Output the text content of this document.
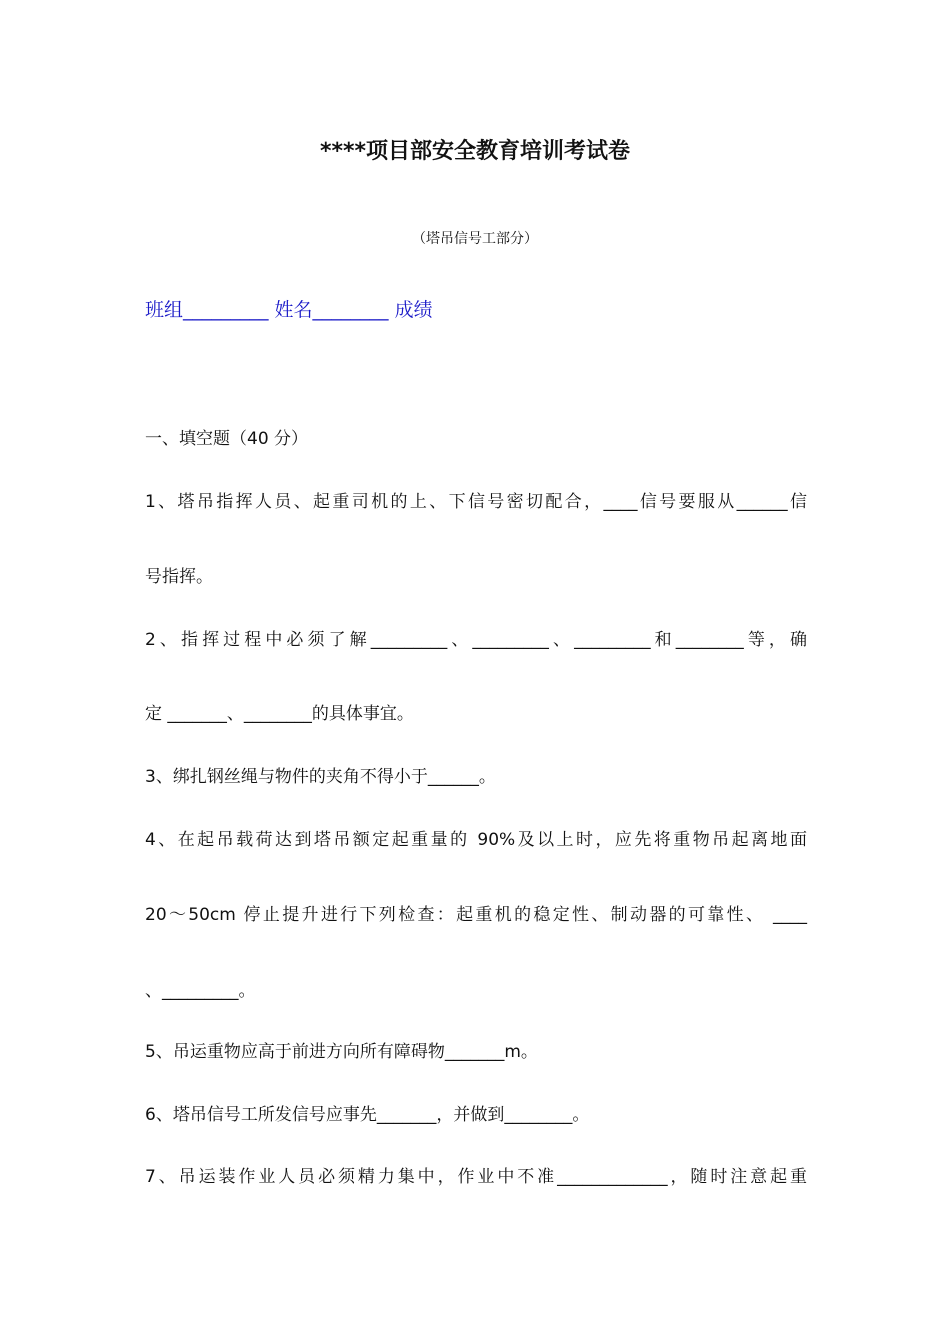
****项目部安全教育培训考试卷
（塔吊信号工部分）
班组_________ 姓名________ 成绩
一、填空题（40 分）
1、塔吊指挥人员、起重司机的上、下信号密切配合，____信号要服从______信
号指挥。
2、指挥过程中必须了解_________、_________、_________和________等，确
定 _______、________的具体事宜。
3、绑扎钢丝绳与物件的夹角不得小于______。
4、在起吊载荷达到塔吊额定起重量的 90%及以上时，应先将重物吊起离地面
20～50cm 停止提升进行下列检查：起重机的稳定性、制动器的可靠性、 ____
、_________。
5、吊运重物应高于前进方向所有障碍物_______m。
6、塔吊信号工所发信号应事先_______，并做到________。
7、吊运装作业人员必须精力集中，作业中不准_____________，随时注意起重
